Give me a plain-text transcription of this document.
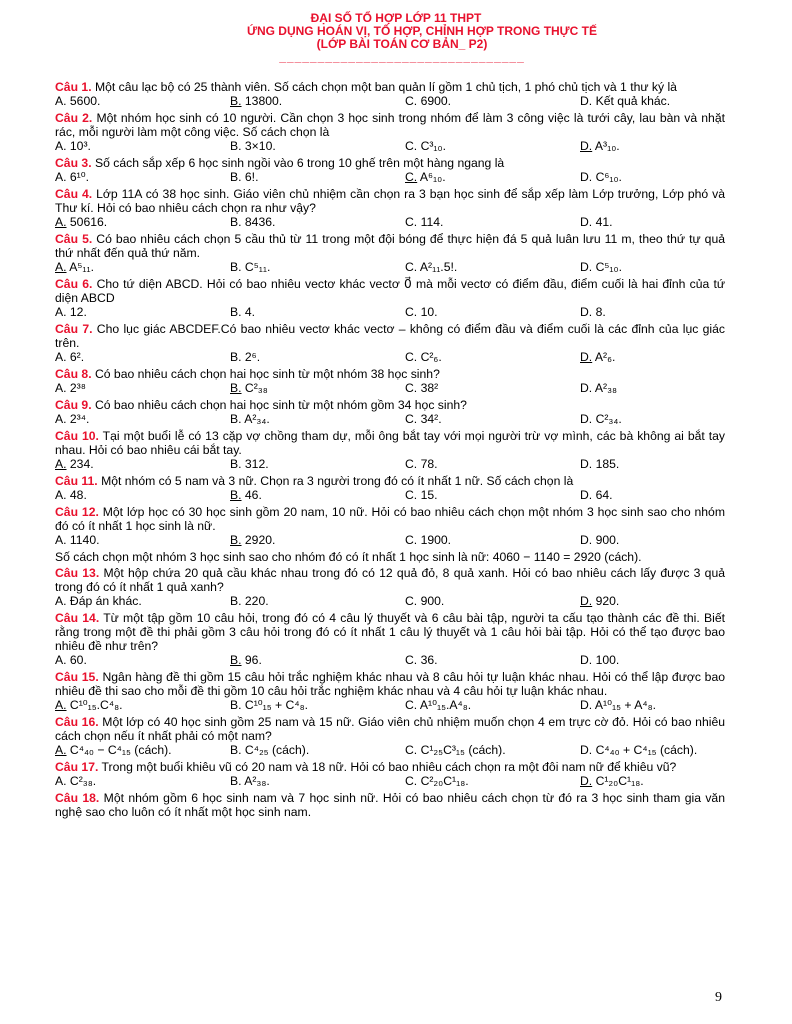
ĐẠI SỐ TỔ HỢP LỚP 11 THPT
ỨNG DỤNG HOÁN VỊ, TỔ HỢP, CHỈNH HỢP TRONG THỰC TẾ
(LỚP BÀI TOÁN CƠ BẢN_ P2)
________________________________

Câu 1. Một câu lạc bộ có 25 thành viên. Số cách chọn một ban quản lí gồm 1 chủ tịch, 1 phó chủ tịch và 1 thư ký là

A. 5600.	B. 13800.	C. 6900.	D. Kết quả khác.

Câu 2. Một nhóm học sinh có 10 người. Cần chọn 3 học sinh trong nhóm để làm 3 công việc là tưới cây, lau bàn và nhặt rác, mỗi người làm một công việc. Số cách chọn là

A. 10³.	B. 3×10.	C. C³₁₀.	D. A³₁₀.

Câu 3. Số cách sắp xếp 6 học sinh ngồi vào 6 trong 10 ghế trên một hàng ngang là

A. 6¹⁰.	B. 6!.	C. A⁶₁₀.	D. C⁶₁₀.

Câu 4. Lớp 11A có 38 học sinh. Giáo viên chủ nhiệm cần chọn ra 3 bạn học sinh để sắp xếp làm Lớp trưởng, Lớp phó và Thư kí. Hỏi có bao nhiêu cách chọn ra như vậy?

A. 50616.	B. 8436.	C. 114.	D. 41.

Câu 5. Có bao nhiêu cách chọn 5 cầu thủ từ 11 trong một đội bóng để thực hiện đá 5 quả luân lưu 11 m, theo thứ tự quả thứ nhất đến quả thứ năm.

A. A⁵₁₁.	B. C⁵₁₁.	C. A²₁₁.5!.	D. C⁵₁₀.

Câu 6. Cho tứ diện ABCD. Hỏi có bao nhiêu vectơ khác vectơ 0⃗ mà mỗi vectơ có điểm đầu, điểm cuối là hai đỉnh của tứ diện ABCD

A. 12.	B. 4.	C. 10.	D. 8.

Câu 7. Cho lục giác ABCDEF.Có bao nhiêu vectơ khác vectơ – không có điểm đầu và điểm cuối là các đỉnh của lục giác trên.

A. 6².	B. 2⁶.	C. C²₆.	D. A²₆.

Câu 8. Có bao nhiêu cách chọn hai học sinh từ một nhóm 38 học sinh?

A. 2³⁸	B. C²₃₈	C. 38²	D. A²₃₈

Câu 9. Có bao nhiêu cách chọn hai học sinh từ một nhóm gồm 34 học sinh?

A. 2³⁴.	B. A²₃₄.	C. 34².	D. C²₃₄.

Câu 10. Tại một buổi lễ có 13 cặp vợ chồng tham dự, mỗi ông bắt tay với mọi người trừ vợ mình, các bà không ai bắt tay nhau. Hỏi có bao nhiêu cái bắt tay.

A. 234.	B. 312.	C. 78.	D. 185.

Câu 11. Một nhóm có 5 nam và 3 nữ. Chọn ra 3 người trong đó có ít nhất 1 nữ. Số cách chọn là

A. 48.	B. 46.	C. 15.	D. 64.

Câu 12. Một lớp học có 30 học sinh gồm 20 nam, 10 nữ. Hỏi có bao nhiêu cách chọn một nhóm 3 học sinh sao cho nhóm đó có ít nhất 1 học sinh là nữ.

A. 1140.	B. 2920.	C. 1900.	D. 900.
Số cách chọn một nhóm 3 học sinh sao cho nhóm đó có ít nhất 1 học sinh là nữ: 4060 − 1140 = 2920 (cách).

Câu 13. Một hộp chứa 20 quả cầu khác nhau trong đó có 12 quả đỏ, 8 quả xanh. Hỏi có bao nhiêu cách lấy được 3 quả trong đó có ít nhất 1 quả xanh?

A. Đáp án khác.	B. 220.	C. 900.	D. 920.

Câu 14. Từ một tập gồm 10 câu hỏi, trong đó có 4 câu lý thuyết và 6 câu bài tập, người ta cấu tạo thành các đề thi. Biết rằng trong một đề thi phải gồm 3 câu hỏi trong đó có ít nhất 1 câu lý thuyết và 1 câu hỏi bài tập. Hỏi có thể tạo được bao nhiêu đề như trên?

A. 60.	B. 96.	C. 36.	D. 100.

Câu 15. Ngân hàng đề thi gồm 15 câu hỏi trắc nghiệm khác nhau và 8 câu hỏi tự luận khác nhau. Hỏi có thể lập được bao nhiêu đề thi sao cho mỗi đề thi gồm 10 câu hỏi trắc nghiệm khác nhau và 4 câu hỏi tự luận khác nhau.

A. C¹⁰₁₅.C⁴₈.	B. C¹⁰₁₅ + C⁴₈.	C. A¹⁰₁₅.A⁴₈.	D. A¹⁰₁₅ + A⁴₈.

Câu 16. Một lớp có 40 học sinh gồm 25 nam và 15 nữ. Giáo viên chủ nhiệm muốn chọn 4 em trực cờ đỏ. Hỏi có bao nhiêu cách chọn nếu ít nhất phải có một nam?

A. C⁴₄₀ − C⁴₁₅ (cách).	B. C⁴₂₅ (cách).	C. C¹₂₅C³₁₅ (cách).	D. C⁴₄₀ + C⁴₁₅ (cách).

Câu 17. Trong một buổi khiêu vũ có 20 nam và 18 nữ. Hỏi có bao nhiêu cách chọn ra một đôi nam nữ để khiêu vũ?

A. C²₃₈.	B. A²₃₈.	C. C²₂₀C¹₁₈.	D. C¹₂₀C¹₁₈.

Câu 18. Một nhóm gồm 6 học sinh nam và 7 học sinh nữ. Hỏi có bao nhiêu cách chọn từ đó ra 3 học sinh tham gia văn nghệ sao cho luôn có ít nhất một học sinh nam.

9
